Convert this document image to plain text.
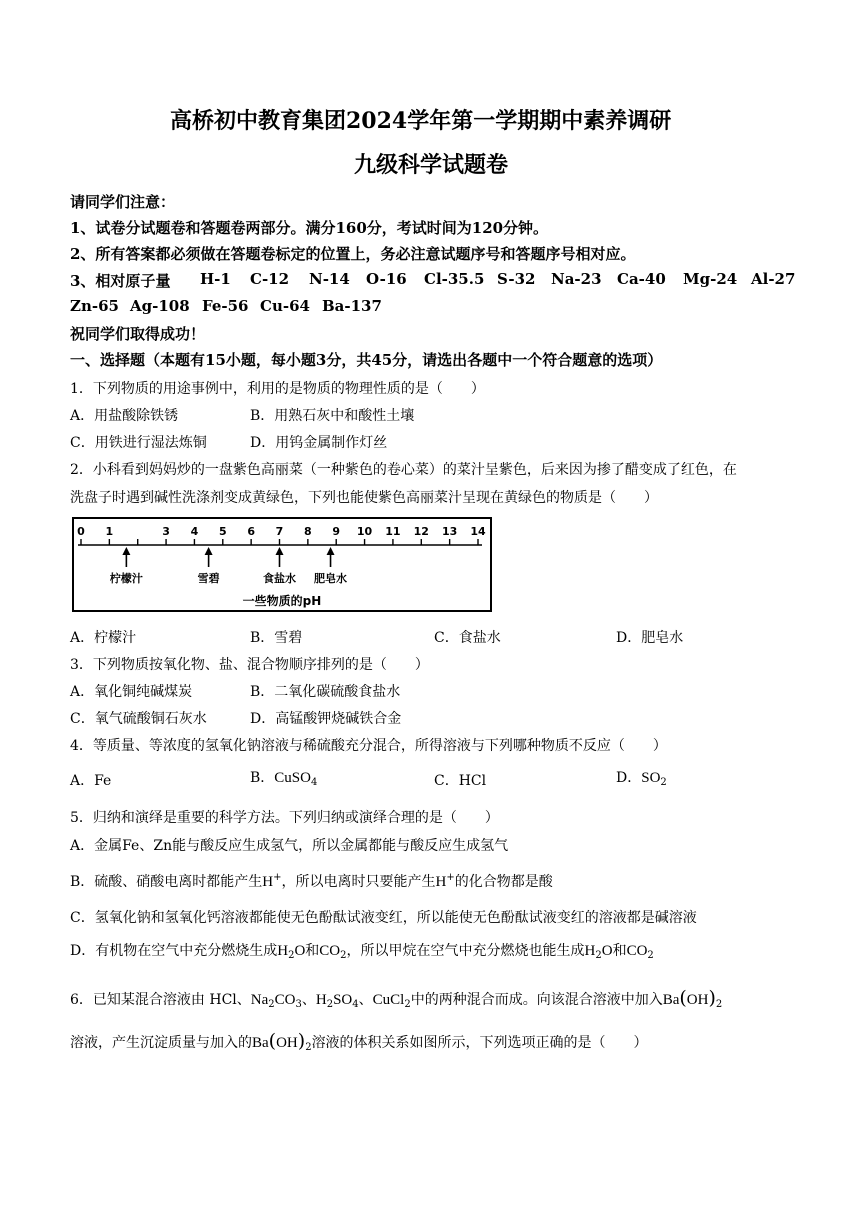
高桥初中教育集团2024学年第一学期期中素养调研
九级科学试题卷
请同学们注意：
1、试卷分试题卷和答题卷两部分。满分160分，考试时间为120分钟。
2、所有答案都必须做在答题卷标定的位置上，务必注意试题序号和答题序号相对应。
3、相对原子量 H-1 C-12 N-14 O-16 Cl-35.5 S-32 Na-23 Ca-40 Mg-24 Al-27
Zn-65 Ag-108 Fe-56 Cu-64 Ba-137
祝同学们取得成功！
一、选择题（本题有15小题，每小题3分，共45分，请选出各题中一个符合题意的选项）
1．下列物质的用途事例中，利用的是物质的物理性质的是（　　）
A．用盐酸除铁锈	B．用熟石灰中和酸性土壤
C．用铁进行湿法炼铜	D．用钨金属制作灯丝
2．小科看到妈妈炒的一盘紫色高丽菜（一种紫色的卷心菜）的菜汁呈紫色，后来因为掺了醋变成了红色，在
洗盘子时遇到碱性洗涤剂变成黄绿色，下列也能使紫色高丽菜汁呈现在黄绿色的物质是（　　）
0 1	3 4 5 6 7 8 9 10 11 12 13 14
柠檬汁	雪碧	食盐水 肥皂水
一些物质的pH
A．柠檬汁	B．雪碧	C．食盐水	D．肥皂水
3．下列物质按氧化物、盐、混合物顺序排列的是（　　）
A．氧化铜纯碱煤炭	B．二氧化碳硫酸食盐水
C．氧气硫酸铜石灰水	D．高锰酸钾烧碱铁合金
4．等质量、等浓度的氢氧化钠溶液与稀硫酸充分混合，所得溶液与下列哪种物质不反应（　　）
A．Fe	B．CuSO$_4$	C．HCl	D．$SO_2$
5．归纳和演绎是重要的科学方法。下列归纳或演绎合理的是（　　）
A．金属Fe、Zn能与酸反应生成氢气，所以金属都能与酸反应生成氢气
B．硫酸、硝酸电离时都能产生H+，所以电离时只要能产生H+的化合物都是酸
C．氢氧化钠和氢氧化钙溶液都能使无色酚酞试液变红，所以能使无色酚酞试液变红的溶液都是碱溶液
D．有机物在空气中充分燃烧生成$H_2O$和$CO_2$，所以甲烷在空气中充分燃烧也能生成$H_2O$和$CO_2$
6．已知某混合溶液由 HCl、$Na_2CO_3$、$H_2SO_4$、CuCl$_2$中的两种混合而成。向该混合溶液中加入$Ba(OH)_2$
溶液，产生沉淀质量与加入的$Ba(OH)_2$溶液的体积关系如图所示，下列选项正确的是（　　）
